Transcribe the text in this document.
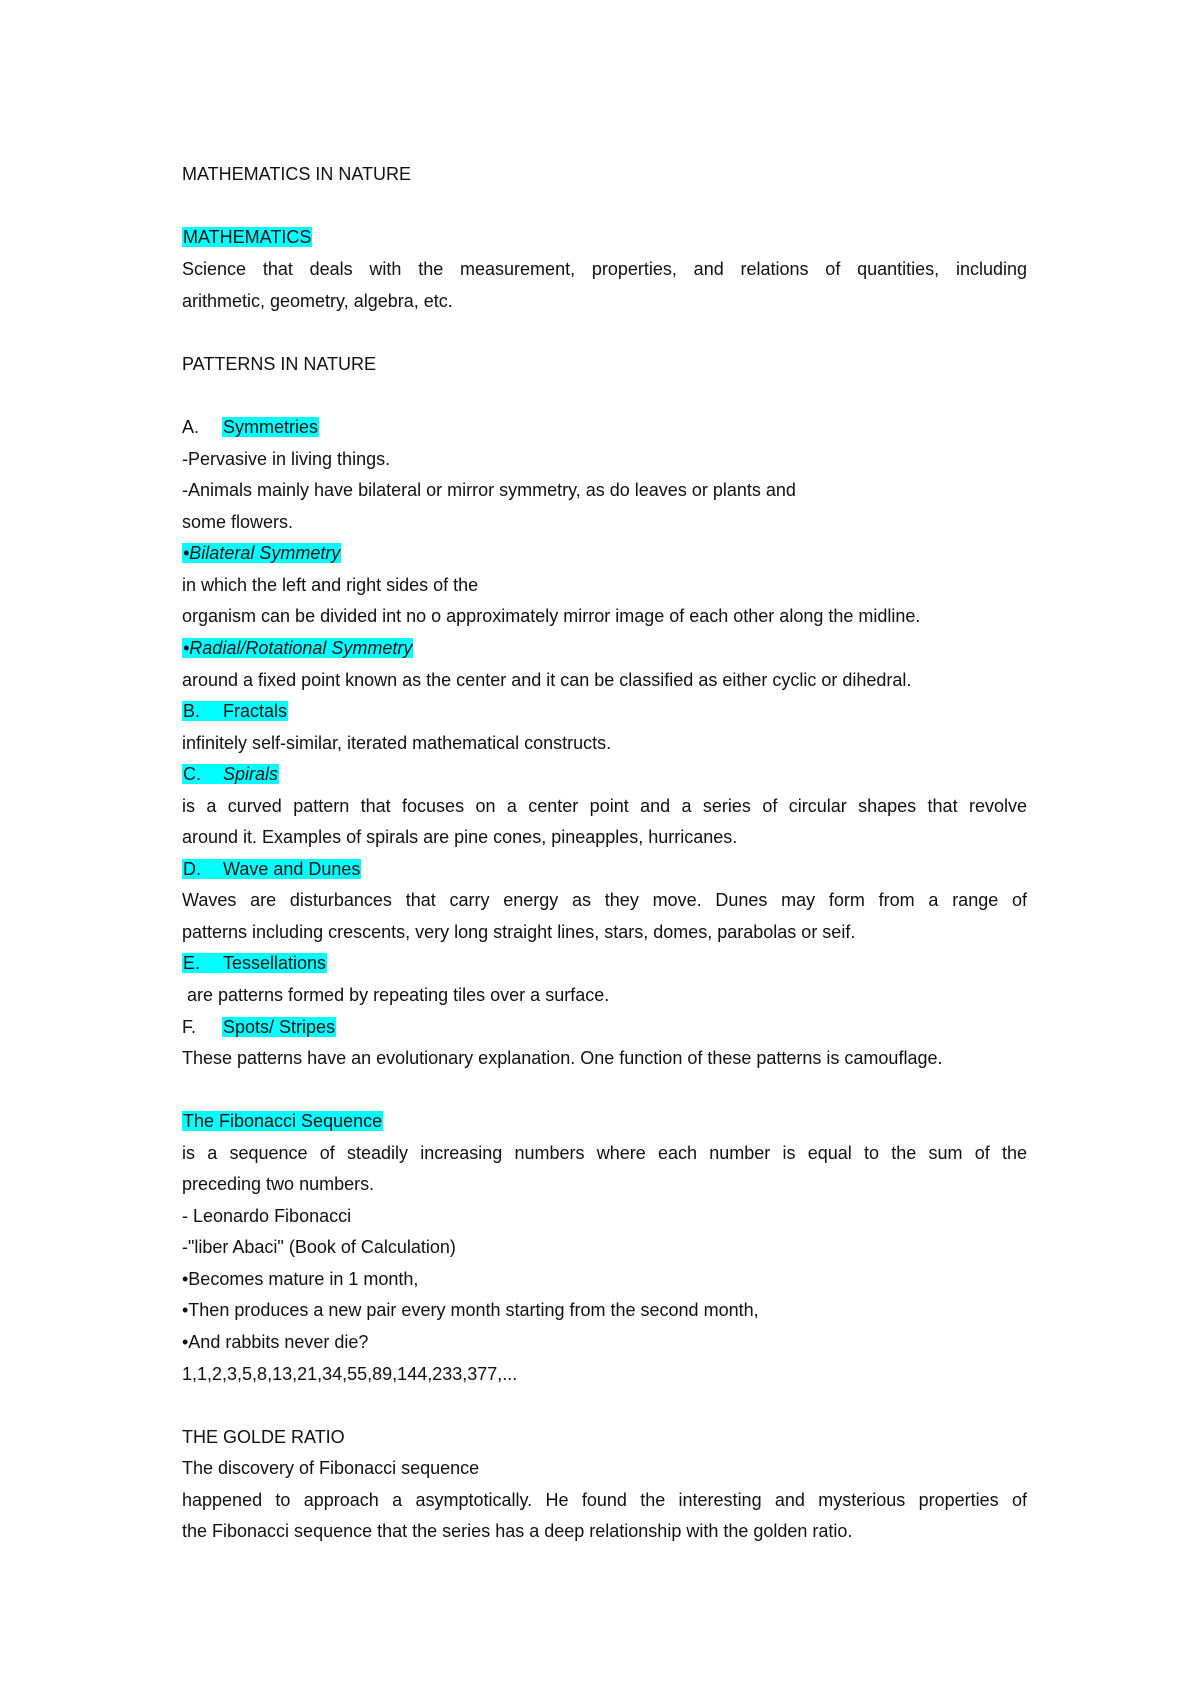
MATHEMATICS IN NATURE

MATHEMATICS

Science that deals with the measurement, properties, and relations of quantities, including

arithmetic, geometry, algebra, etc.

PATTERNS IN NATURE

A. Symmetries

-Pervasive in living things.

-Animals mainly have bilateral or mirror symmetry, as do leaves or plants and

some flowers.

•Bilateral Symmetry

in which the left and right sides of the

organism can be divided int no o approximately mirror image of each other along the midline.

•Radial/Rotational Symmetry

around a fixed point known as the center and it can be classified as either cyclic or dihedral.

B. Fractals

infinitely self-similar, iterated mathematical constructs.

C. Spirals

is a curved pattern that focuses on a center point and a series of circular shapes that revolve

around it. Examples of spirals are pine cones, pineapples, hurricanes.

D. Wave and Dunes

Waves are disturbances that carry energy as they move. Dunes may form from a range of

patterns including crescents, very long straight lines, stars, domes, parabolas or seif.

E. Tessellations

are patterns formed by repeating tiles over a surface.

F. Spots/ Stripes

These patterns have an evolutionary explanation. One function of these patterns is camouflage.

The Fibonacci Sequence

is a sequence of steadily increasing numbers where each number is equal to the sum of the

preceding two numbers.

- Leonardo Fibonacci

-"liber Abaci" (Book of Calculation)

•Becomes mature in 1 month,

•Then produces a new pair every month starting from the second month,

•And rabbits never die?

1,1,2,3,5,8,13,21,34,55,89,144,233,377,...

THE GOLDE RATIO

The discovery of Fibonacci sequence

happened to approach a asymptotically. He found the interesting and mysterious properties of

the Fibonacci sequence that the series has a deep relationship with the golden ratio.
